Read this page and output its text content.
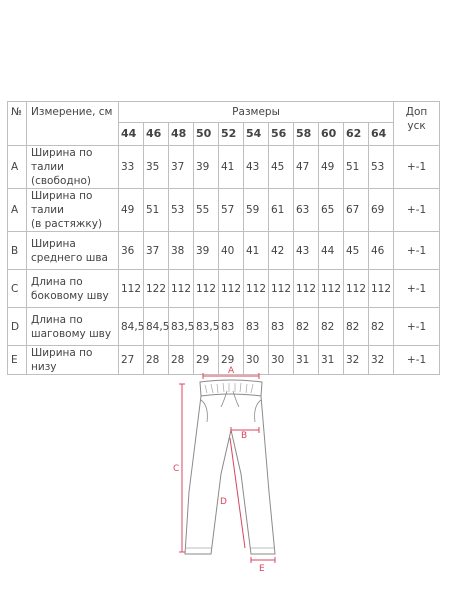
№	Измерение, см	Размеры											Доп
уск
		44	46	48	50	52	54	56	58	60	62	64	
A	Ширина по талии
(свободно)	33	35	37	39	41	43	45	47	49	51	53	+-1
A	Ширина по талии
(в растяжку)	49	51	53	55	57	59	61	63	65	67	69	+-1
B	Ширина
среднего шва	36	37	38	39	40	41	42	43	44	45	46	+-1
C	Длина по
боковому шву	112	122	112	112	112	112	112	112	112	112	112	+-1
D	Длина по
шаговому шву	84,5	84,5	83,5	83,5	83	83	83	82	82	82	82	+-1
E	Ширина по низу	27	28	28	29	29	30	30	31	31	32	32	+-1
A
B
C
D
E
